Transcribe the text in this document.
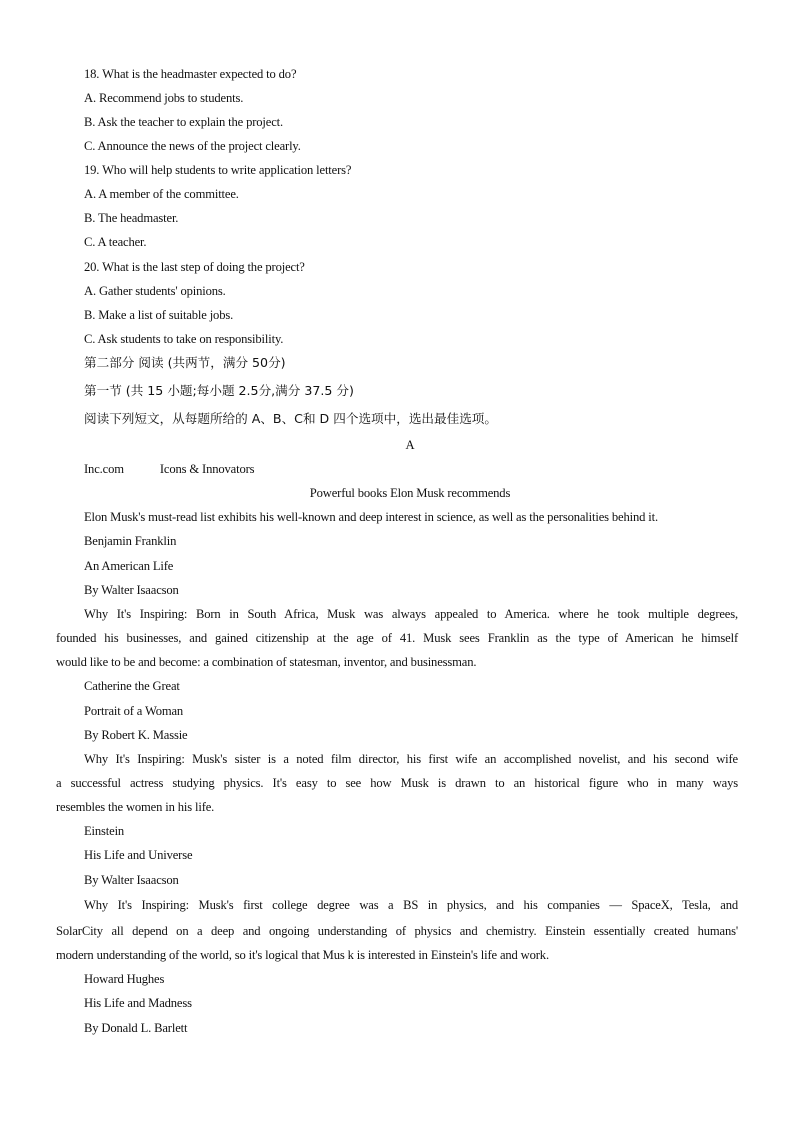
18. What is the headmaster expected to do?
A. Recommend jobs to students.
B. Ask the teacher to explain the project.
C. Announce the news of the project clearly.
19. Who will help students to write application letters?
A. A member of the committee.
B. The headmaster.
C. A teacher.
20. What is the last step of doing the project?
A. Gather students' opinions.
B. Make a list of suitable jobs.
C. Ask students to take on responsibility.
第二部分 阅读 (共两节，满分 50分)
第一节 (共 15 小题;每小题 2.5分,满分 37.5 分)
阅读下列短文，从每题所给的 A、B、C和 D 四个选项中，选出最佳选项。
A
Inc.com	Icons & Innovators
Powerful books Elon Musk recommends
Elon Musk's must-read list exhibits his well-known and deep interest in science, as well as the personalities behind it.
Benjamin Franklin
An American Life
By Walter Isaacson
Why It's Inspiring: Born in South Africa, Musk was always appealed to America. where he took multiple degrees,
founded his businesses, and gained citizenship at the age of 41. Musk sees Franklin as the type of American he himself
would like to be and become: a combination of statesman, inventor, and businessman.
Catherine the Great
Portrait of a Woman
By Robert K. Massie
Why It's Inspiring: Musk's sister is a noted film director, his first wife an accomplished novelist, and his second wife
a successful actress studying physics. It's easy to see how Musk is drawn to an historical figure who in many ways
resembles the women in his life.
Einstein
His Life and Universe
By Walter Isaacson
Why It's Inspiring: Musk's first college degree was a BS in physics, and his companies — SpaceX, Tesla, and
SolarCity all depend on a deep and ongoing understanding of physics and chemistry. Einstein essentially created humans'
modern understanding of the world, so it's logical that Mus k is interested in Einstein's life and work.
Howard Hughes
His Life and Madness
By Donald L. Barlett
